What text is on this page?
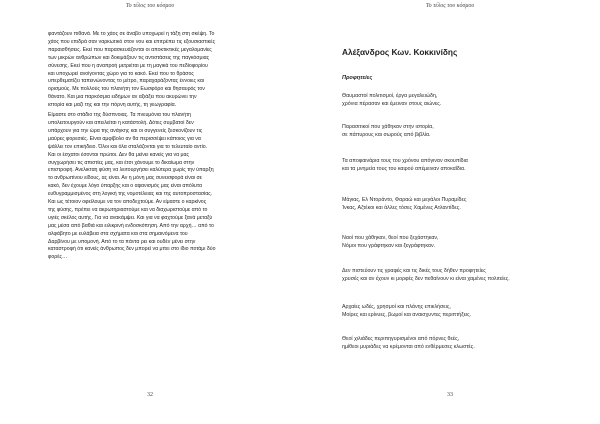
Το τέλος του κόσμου
φαντάζουν πιθανά. Με το χάος σε άναβο υποχωρεί η τάξη στη σκέψη. Το
χάος που επιδρά σαν ναρκωτικό στον νου και επιτρέπει τις εξουσιαστικές
παραισθήσεις. Εκεί που παρασκευάζονται οι αποκτικτικές μεγαλομανίες
των μικρών ανθρώπων και δοκιμάζουν τις αντιστάσεις της παγκόσμιας
σύνεσης. Εκεί που η αναπροή μετριέται με τη μαγικά του πεδίοφορίου
και υποχωρεί ανοίγοντας χώρο για το κακό. Εκεί που το θράσος
υπερθεματίζει ταπεινώνοντας το μέτρο, παραχαράζοντας έννοιες και
ορισμούς. Με πολλούς του πλανήτη τον Εωσφόρο και θησαυρός τον
θάνατο. Και μια παρκόσμια ειδήμων αν αξιάξει που ακυρώνει την
ιστορία και μαζί της και την πόρνη αυτής, τη γεωγραφία.
Είμαστε στο στάδιο της δύσπνοιας. Τα πνευμόνια του πλανήτη
υπολειτουργούν και απειλείται η κατάστολή. Δότες συμβατοί δεν
υπάρχουν για την ώρα της ανάγκης και οι συγγενείς ξεσκονίζουν τις
μαύρες φορεσιές. Είναι αμφίβολο αν θα περισσέψει κάποιος για να
ψάλλει τον επικήδειο. Όλοι και όλα σταλάζονται για το τελευταίο αντίο.
Και οι έσχατοι έσονται πρώτοι. Δεν θα μείνει κανείς για να μας
συγχωρήσει τις απιστίες μας, και έτσι χάνουμε το δικαίωμα στην
επιστροφή. Ανελικταη φύση να λειτουργήσει καλύτερα χωρίς την ύπαρξη
το ανθρωπίνου είδους, ας είναι. Αν η μόνη μας συνεισφορά είναι σε
κακό, δεν έχουμε λόγο ύπαρξης και ο αφανισμός μας είναι απόλυτα
ευθυγραμμισμένος στη λογική της νομοτέλειας και της αυτοπροστασίας.
Και ως τέτοιον οφείλουμε να τον αποδεχτούμε. Αν είμαστε ο καρκίνος
της φύσης, πρέπει να ακρωτηριαστούμε και να διαχωριστούμε από το
υγιές σκέλος αυτής. Για να ανακάμψει. Και για να φαχτούμε ξανά μεταξύ
μας μέσα από βαθιά και ειλικρινή ενδοσκόπηση. Από την αρχή… από το
αλφάβητο με ευλάβεια στα σχήματα και στα σημαινόμενα του
Δαρβίνου με υπομονή. Από το τα πάντα ρει και ουδέν μένει στην
καταστροφή ότι κανείς άνθρωπος δεν μπορεί να μπει στο ίδιο ποτάμι δύο
φορές…
32
Το τέλος του κόσμου
Αλέξανδρος Κων. Κοκκινίδης
Προφητείες
Θαυμαστοί πολιτισμοί, έργα μεγαλειώδη,
χρόνια πέρασαν και έμειναν στους αιώνες.
Παρασιτικοί που χάθηκαν στην ιστορία,
σε πάπυρους και σωρούς από βιβλία.
Τα αποφαινάρια τους του χρόνου απόγιναν σκουπίδια
και τα μνημεία τους του καιρού απέμειναν αποκαΐδια.
Μάγιας, Ελ Ντοράντο, Φαραώ και μεγάλοι Πυραμίδες
Ίνκας, Αζτέκοι και άλλες τόσες Χαμένες Ατλαντίδες.
Ναοί που χάθηκαν, θεοί που ξεχάστηκαν,
Νόμοι που γράφτηκαν και ξεγράφτηκαν.
Δεν πιστεύουν τις γραφές και τις δικές τους δήθεν προφητείες
χρυσές και αν έχουν κι μορφές δεν πεθαίνουν κι είναι χαμένες πολιτείες.
Αρχαίες ωδές, χρησμοί και πλάνης επικλήσεις,
Μοίρες και ερίνυες, βωμοί και αναισχυντες περιπτήξεις.
Θεοί χιλιάδες περιπηγυρισμένοι από πόρνες θεές,
ημίθεοι μυριάδες να κρέμονται από ενθέρμεσες κλωστές.
33
